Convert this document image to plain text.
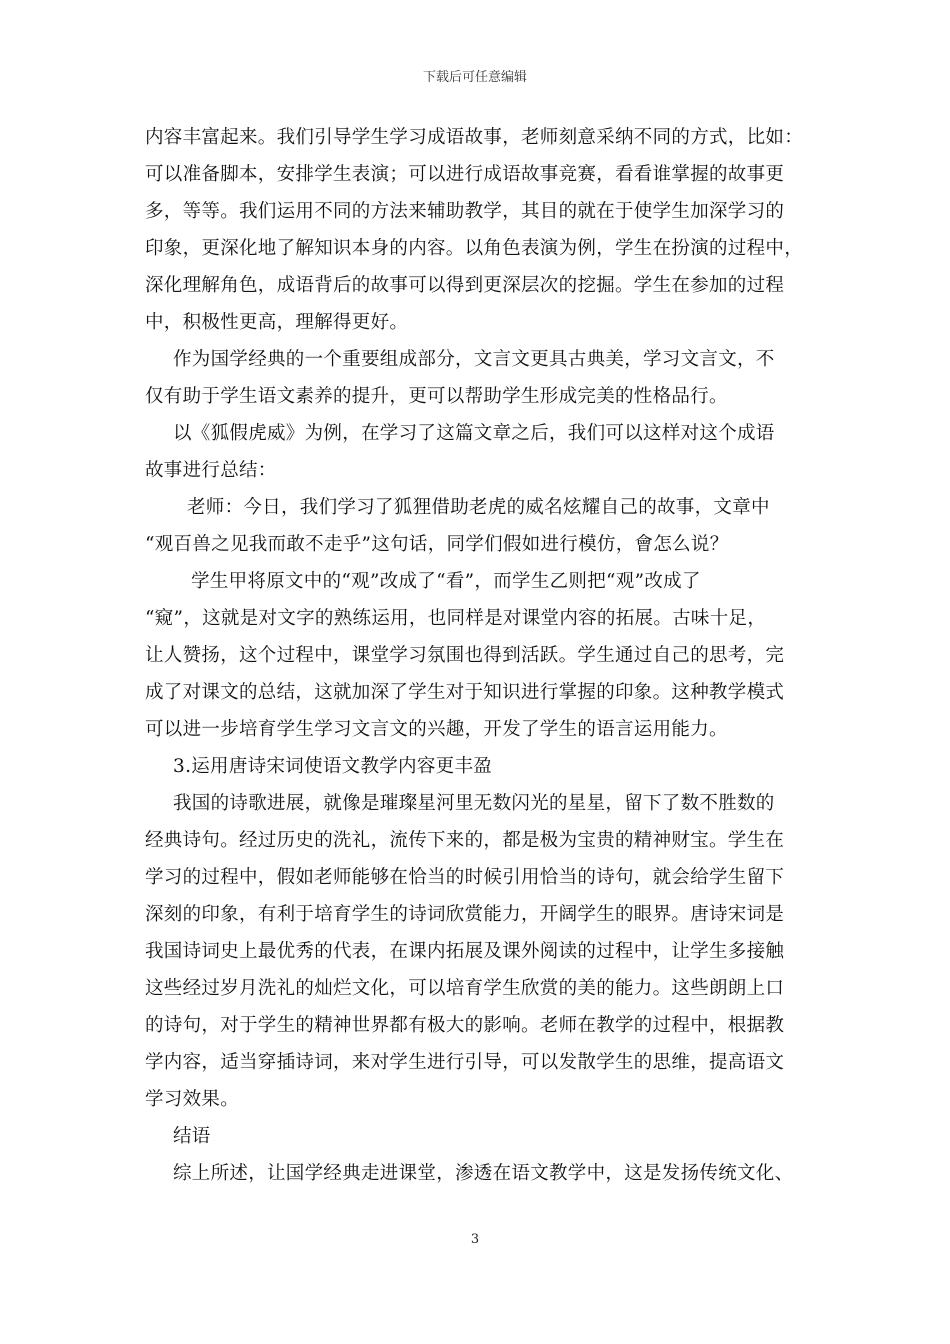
下载后可任意编辑
内容丰富起来。我们引导学生学习成语故事，老师刻意采纳不同的方式，比如：
可以准备脚本，安排学生表演；可以进行成语故事竞赛，看看谁掌握的故事更
多，等等。我们运用不同的方法来辅助教学，其目的就在于使学生加深学习的
印象，更深化地了解知识本身的内容。以角色表演为例，学生在扮演的过程中，
深化理解角色，成语背后的故事可以得到更深层次的挖掘。学生在参加的过程
中，积极性更高，理解得更好。
作为国学经典的一个重要组成部分，文言文更具古典美，学习文言文，不
仅有助于学生语文素养的提升，更可以帮助学生形成完美的性格品行。
以《狐假虎威》为例，在学习了这篇文章之后，我们可以这样对这个成语
故事进行总结：
老师：今日，我们学习了狐狸借助老虎的威名炫耀自己的故事，文章中
“观百兽之见我而敢不走乎”这句话，同学们假如进行模仿，會怎么说？
学生甲将原文中的“观”改成了“看”，而学生乙则把“观”改成了
“窥”，这就是对文字的熟练运用，也同样是对课堂内容的拓展。古味十足，
让人赞扬，这个过程中，课堂学习氛围也得到活跃。学生通过自己的思考，完
成了对课文的总结，这就加深了学生对于知识进行掌握的印象。这种教学模式
可以进一步培育学生学习文言文的兴趣，开发了学生的语言运用能力。
3.运用唐诗宋词使语文教学内容更丰盈
我国的诗歌进展，就像是璀璨星河里无数闪光的星星，留下了数不胜数的
经典诗句。经过历史的洗礼，流传下来的，都是极为宝贵的精神财宝。学生在
学习的过程中，假如老师能够在恰当的时候引用恰当的诗句，就会给学生留下
深刻的印象，有利于培育学生的诗词欣赏能力，开阔学生的眼界。唐诗宋词是
我国诗词史上最优秀的代表，在课内拓展及课外阅读的过程中，让学生多接触
这些经过岁月洗礼的灿烂文化，可以培育学生欣赏的美的能力。这些朗朗上口
的诗句，对于学生的精神世界都有极大的影响。老师在教学的过程中，根据教
学内容，适当穿插诗词，来对学生进行引导，可以发散学生的思维，提高语文
学习效果。
结语
综上所述，让国学经典走进课堂，渗透在语文教学中，这是发扬传统文化、
3
